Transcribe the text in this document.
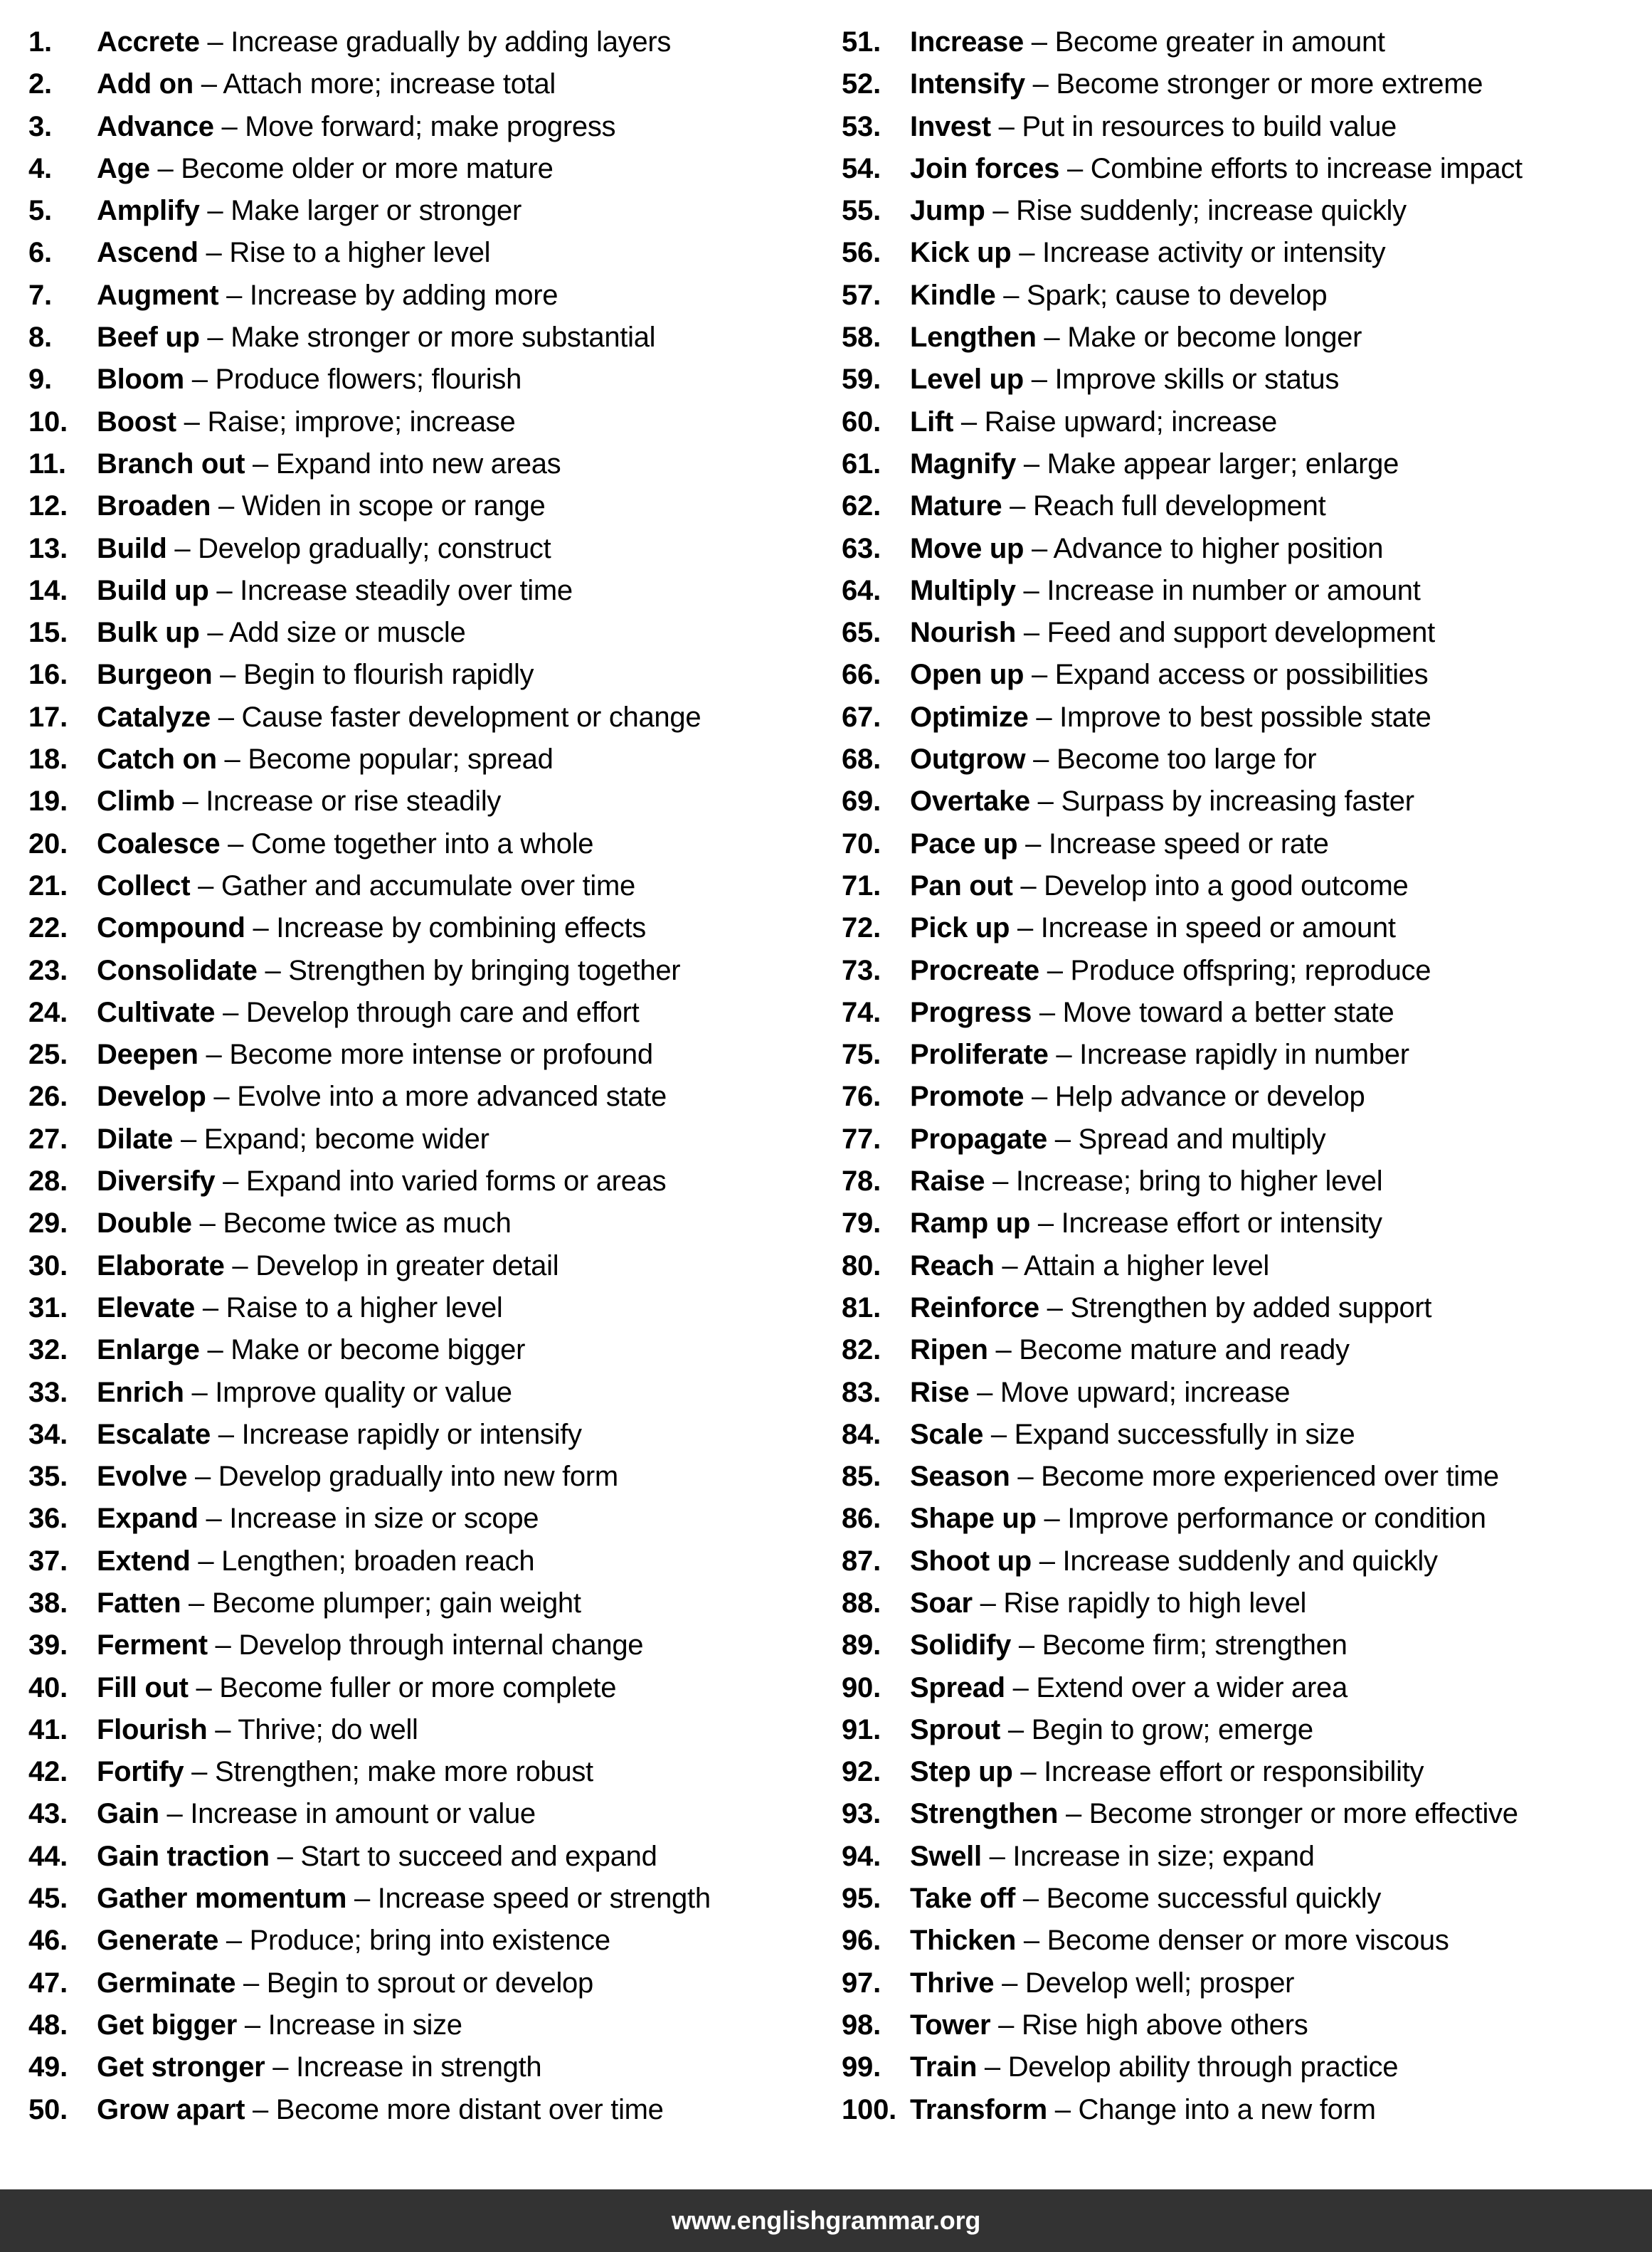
1.	Accrete – Increase gradually by adding layers
2.	Add on – Attach more; increase total
3.	Advance – Move forward; make progress
4.	Age – Become older or more mature
5.	Amplify – Make larger or stronger
6.	Ascend – Rise to a higher level
7.	Augment – Increase by adding more
8.	Beef up – Make stronger or more substantial
9.	Bloom – Produce flowers; flourish
10.	Boost – Raise; improve; increase
11.	Branch out – Expand into new areas
12.	Broaden – Widen in scope or range
13.	Build – Develop gradually; construct
14.	Build up – Increase steadily over time
15.	Bulk up – Add size or muscle
16.	Burgeon – Begin to flourish rapidly
17.	Catalyze – Cause faster development or change
18.	Catch on – Become popular; spread
19.	Climb – Increase or rise steadily
20.	Coalesce – Come together into a whole
21.	Collect – Gather and accumulate over time
22.	Compound – Increase by combining effects
23.	Consolidate – Strengthen by bringing together
24.	Cultivate – Develop through care and effort
25.	Deepen – Become more intense or profound
26.	Develop – Evolve into a more advanced state
27.	Dilate – Expand; become wider
28.	Diversify – Expand into varied forms or areas
29.	Double – Become twice as much
30.	Elaborate – Develop in greater detail
31.	Elevate – Raise to a higher level
32.	Enlarge – Make or become bigger
33.	Enrich – Improve quality or value
34.	Escalate – Increase rapidly or intensify
35.	Evolve – Develop gradually into new form
36.	Expand – Increase in size or scope
37.	Extend – Lengthen; broaden reach
38.	Fatten – Become plumper; gain weight
39.	Ferment – Develop through internal change
40.	Fill out – Become fuller or more complete
41.	Flourish – Thrive; do well
42.	Fortify – Strengthen; make more robust
43.	Gain – Increase in amount or value
44.	Gain traction – Start to succeed and expand
45.	Gather momentum – Increase speed or strength
46.	Generate – Produce; bring into existence
47.	Germinate – Begin to sprout or develop
48.	Get bigger – Increase in size
49.	Get stronger – Increase in strength
50.	Grow apart – Become more distant over time
51.	Increase – Become greater in amount
52.	Intensify – Become stronger or more extreme
53.	Invest – Put in resources to build value
54.	Join forces – Combine efforts to increase impact
55.	Jump – Rise suddenly; increase quickly
56.	Kick up – Increase activity or intensity
57.	Kindle – Spark; cause to develop
58.	Lengthen – Make or become longer
59.	Level up – Improve skills or status
60.	Lift – Raise upward; increase
61.	Magnify – Make appear larger; enlarge
62.	Mature – Reach full development
63.	Move up – Advance to higher position
64.	Multiply – Increase in number or amount
65.	Nourish – Feed and support development
66.	Open up – Expand access or possibilities
67.	Optimize – Improve to best possible state
68.	Outgrow – Become too large for
69.	Overtake – Surpass by increasing faster
70.	Pace up – Increase speed or rate
71.	Pan out – Develop into a good outcome
72.	Pick up – Increase in speed or amount
73.	Procreate – Produce offspring; reproduce
74.	Progress – Move toward a better state
75.	Proliferate – Increase rapidly in number
76.	Promote – Help advance or develop
77.	Propagate – Spread and multiply
78.	Raise – Increase; bring to higher level
79.	Ramp up – Increase effort or intensity
80.	Reach – Attain a higher level
81.	Reinforce – Strengthen by added support
82.	Ripen – Become mature and ready
83.	Rise – Move upward; increase
84.	Scale – Expand successfully in size
85.	Season – Become more experienced over time
86.	Shape up – Improve performance or condition
87.	Shoot up – Increase suddenly and quickly
88.	Soar – Rise rapidly to high level
89.	Solidify – Become firm; strengthen
90.	Spread – Extend over a wider area
91.	Sprout – Begin to grow; emerge
92.	Step up – Increase effort or responsibility
93.	Strengthen – Become stronger or more effective
94.	Swell – Increase in size; expand
95.	Take off – Become successful quickly
96.	Thicken – Become denser or more viscous
97.	Thrive – Develop well; prosper
98.	Tower – Rise high above others
99.	Train – Develop ability through practice
100. Transform – Change into a new form
www.englishgrammar.org
